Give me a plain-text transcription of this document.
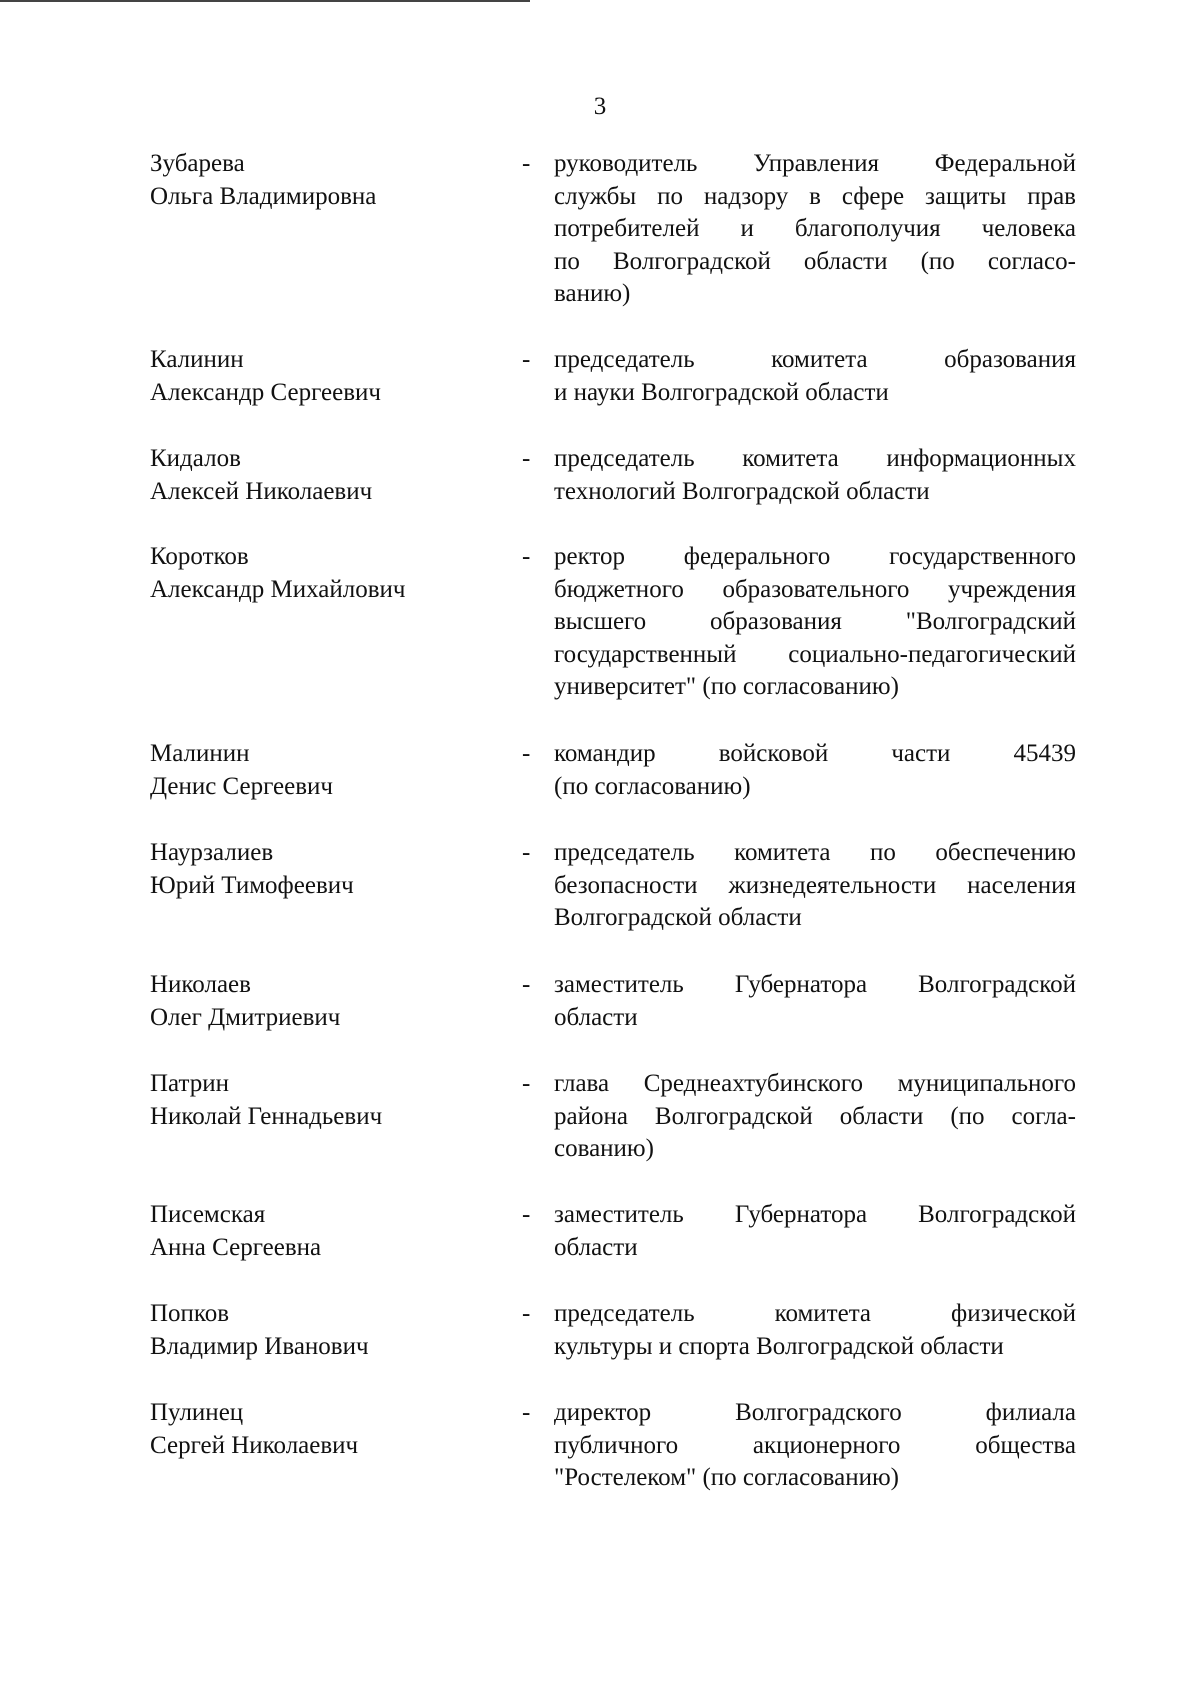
3
Зубарева
Ольга Владимировна
- руководитель Управления Федеральной
службы по надзору в сфере защиты прав
потребителей и благополучия человека
по Волгоградской области (по согласо-
ванию)
Калинин
Александр Сергеевич
- председатель	комитета	образования
и науки Волгоградской области
Кидалов
Алексей Николаевич
- председатель комитета информационных
технологий Волгоградской области
Коротков
Александр Михайлович
- ректор федерального государственного
бюджетного образовательного учреждения
высшего	образования	"Волгоградский
государственный социально-педагогический
университет" (по согласованию)
Малинин
Денис Сергеевич
- командир	войсковой	части	45439
(по согласованию)
Наурзалиев
Юрий Тимофеевич
- председатель комитета по обеспечению
безопасности жизнедеятельности населения
Волгоградской области
Николаев
Олег Дмитриевич
- заместитель Губернатора Волгоградской
области
Патрин
Николай Геннадьевич
- глава Среднеахтубинского муниципального
района Волгоградской области (по согла-
сованию)
Писемская
Анна Сергеевна
- заместитель Губернатора Волгоградской
области
Попков
Владимир Иванович
- председатель	комитета	физической
культуры и спорта Волгоградской области
Пулинец
Сергей Николаевич
- директор	Волгоградского	филиала
публичного	акционерного	общества
"Ростелеком" (по согласованию)
